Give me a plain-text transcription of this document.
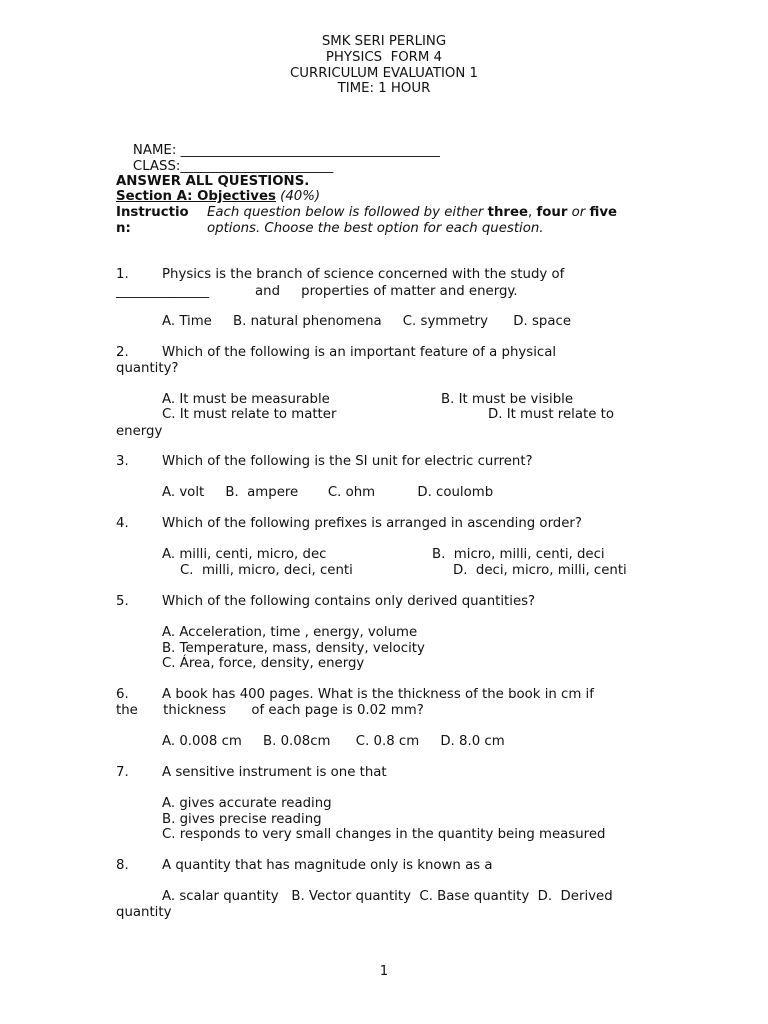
SMK SERI PERLING
PHYSICS  FORM 4
CURRICULUM EVALUATION 1
TIME: 1 HOUR

NAME: _______________________________________

CLASS:_______________________

ANSWER ALL QUESTIONS.
Section A: Objectives (40%)
Instructio
n:
Each question below is followed by either three, four or five
options. Choose the best option for each question.
1.	Physics is the branch of science concerned with the study of
______________	and     properties of matter and energy.
A. Time     B. natural phenomena     C. symmetry      D. space
2.	Which of the following is an important feature of a physical
quantity?
A. It must be measurable	B. It must be visible
C. It must relate to matter	D. It must relate to
energy
3.	Which of the following is the SI unit for electric current?
A. volt     B.  ampere       C. ohm          D. coulomb
4.	Which of the following prefixes is arranged in ascending order?
A. milli, centi, micro, dec	B.  micro, milli, centi, deci
C.  milli, micro, deci, centi	D.  deci, micro, milli, centi
5.	Which of the following contains only derived quantities?
A. Acceleration, time , energy, volume
B. Temperature, mass, density, velocity
C. Área, force, density, energy
6.	A book has 400 pages. What is the thickness of the book in cm if
the      thickness      of each page is 0.02 mm?
A. 0.008 cm     B. 0.08cm      C. 0.8 cm     D. 8.0 cm
7.	A sensitive instrument is one that
A. gives accurate reading
B. gives precise reading
C. responds to very small changes in the quantity being measured
8.	A quantity that has magnitude only is known as a
A. scalar quantity   B. Vector quantity  C. Base quantity  D.  Derived
quantity
1
